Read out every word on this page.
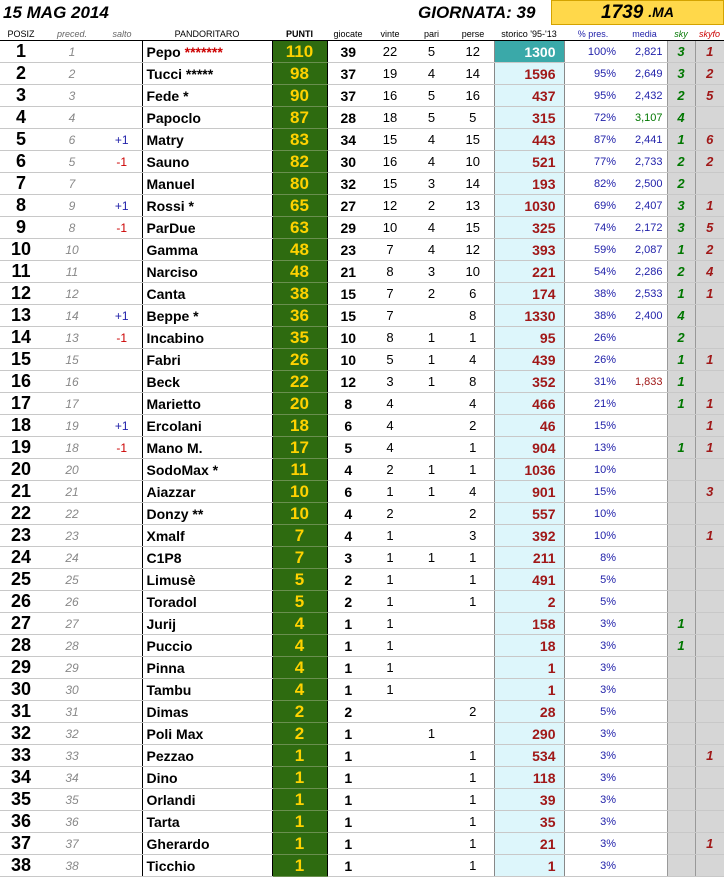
15 MAG 2014	GIORNATA: 39	1739 .MA
POSIZ	preced.	salto	PANDORITARO	PUNTI	giocate	vinte	pari	perse	storico '95-'13	% pres.	media	sky	skyfo
1	1		Pepo *******	110	39	22	5	12	1300	100%	2,821	3	1
2	2		Tucci *****	98	37	19	4	14	1596	95%	2,649	3	2
3	3		Fede *	90	37	16	5	16	437	95%	2,432	2	5
4	4		Papoclo	87	28	18	5	5	315	72%	3,107	4	
5	6	+1	Matry	83	34	15	4	15	443	87%	2,441	1	6
6	5	-1	Sauno	82	30	16	4	10	521	77%	2,733	2	2
7	7		Manuel	80	32	15	3	14	193	82%	2,500	2	
8	9	+1	Rossi *	65	27	12	2	13	1030	69%	2,407	3	1
9	8	-1	ParDue	63	29	10	4	15	325	74%	2,172	3	5
10	10		Gamma	48	23	7	4	12	393	59%	2,087	1	2
11	11		Narciso	48	21	8	3	10	221	54%	2,286	2	4
12	12		Canta	38	15	7	2	6	174	38%	2,533	1	1
13	14	+1	Beppe *	36	15	7		8	1330	38%	2,400	4	
14	13	-1	Incabino	35	10	8	1	1	95	26%		2	
15	15		Fabri	26	10	5	1	4	439	26%		1	1
16	16		Beck	22	12	3	1	8	352	31%	1,833	1	
17	17		Marietto	20	8	4		4	466	21%		1	1
18	19	+1	Ercolani	18	6	4		2	46	15%			1
19	18	-1	Mano M.	17	5	4		1	904	13%		1	1
20	20		SodoMax *	11	4	2	1	1	1036	10%			
21	21		Aiazzar	10	6	1	1	4	901	15%			3
22	22		Donzy **	10	4	2		2	557	10%			
23	23		Xmalf	7	4	1		3	392	10%			1
24	24		C1P8	7	3	1	1	1	211	8%			
25	25		Limusè	5	2	1		1	491	5%			
26	26		Toradol	5	2	1		1	2	5%			
27	27		Jurij	4	1	1			158	3%		1	
28	28		Puccio	4	1	1			18	3%		1	
29	29		Pinna	4	1	1			1	3%			
30	30		Tambu	4	1	1			1	3%			
31	31		Dimas	2	2			2	28	5%			
32	32		Poli Max	2	1		1		290	3%			
33	33		Pezzao	1	1			1	534	3%			1
34	34		Dino	1	1			1	118	3%			
35	35		Orlandi	1	1			1	39	3%			
36	36		Tarta	1	1			1	35	3%			
37	37		Gherardo	1	1			1	21	3%			1
38	38		Ticchio	1	1			1	1	3%			
